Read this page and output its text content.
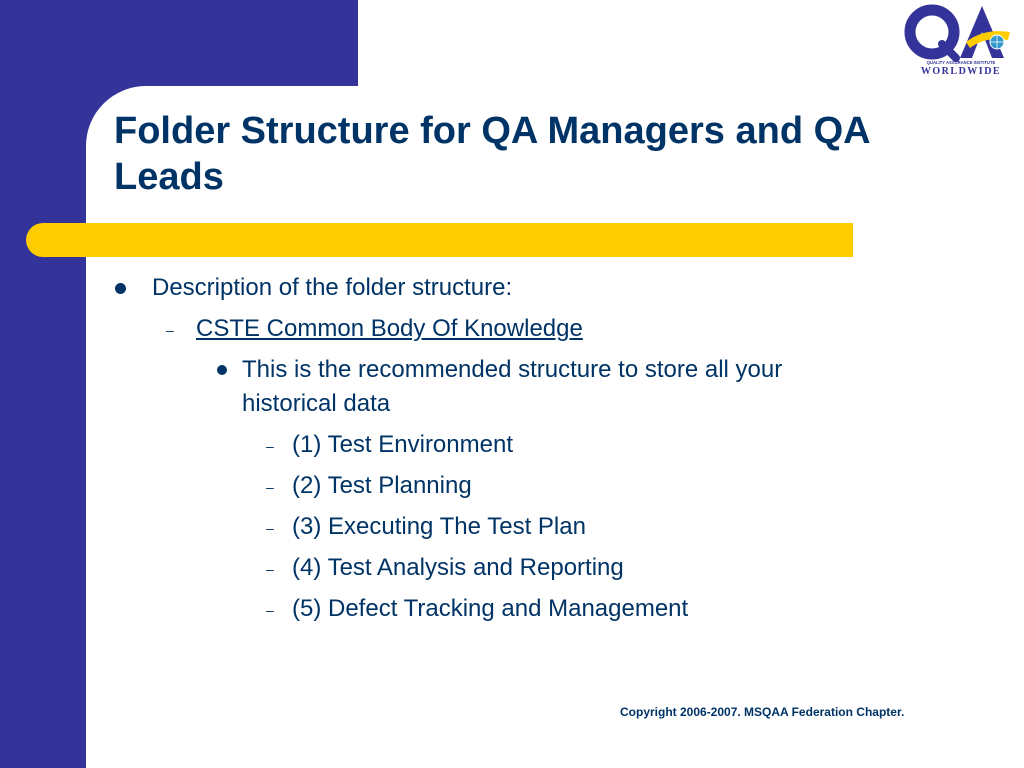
QUALITY ASSURANCE INSTITUTE
WORLDWIDE
Folder Structure for QA Managers and QA Leads
Description of the folder structure:
– CSTE Common Body Of Knowledge
This is the recommended structure to store all your
historical data
– (1) Test Environment
– (2) Test Planning
– (3) Executing The Test Plan
– (4) Test Analysis and Reporting
– (5) Defect Tracking and Management
Copyright 2006-2007. MSQAA Federation Chapter.
